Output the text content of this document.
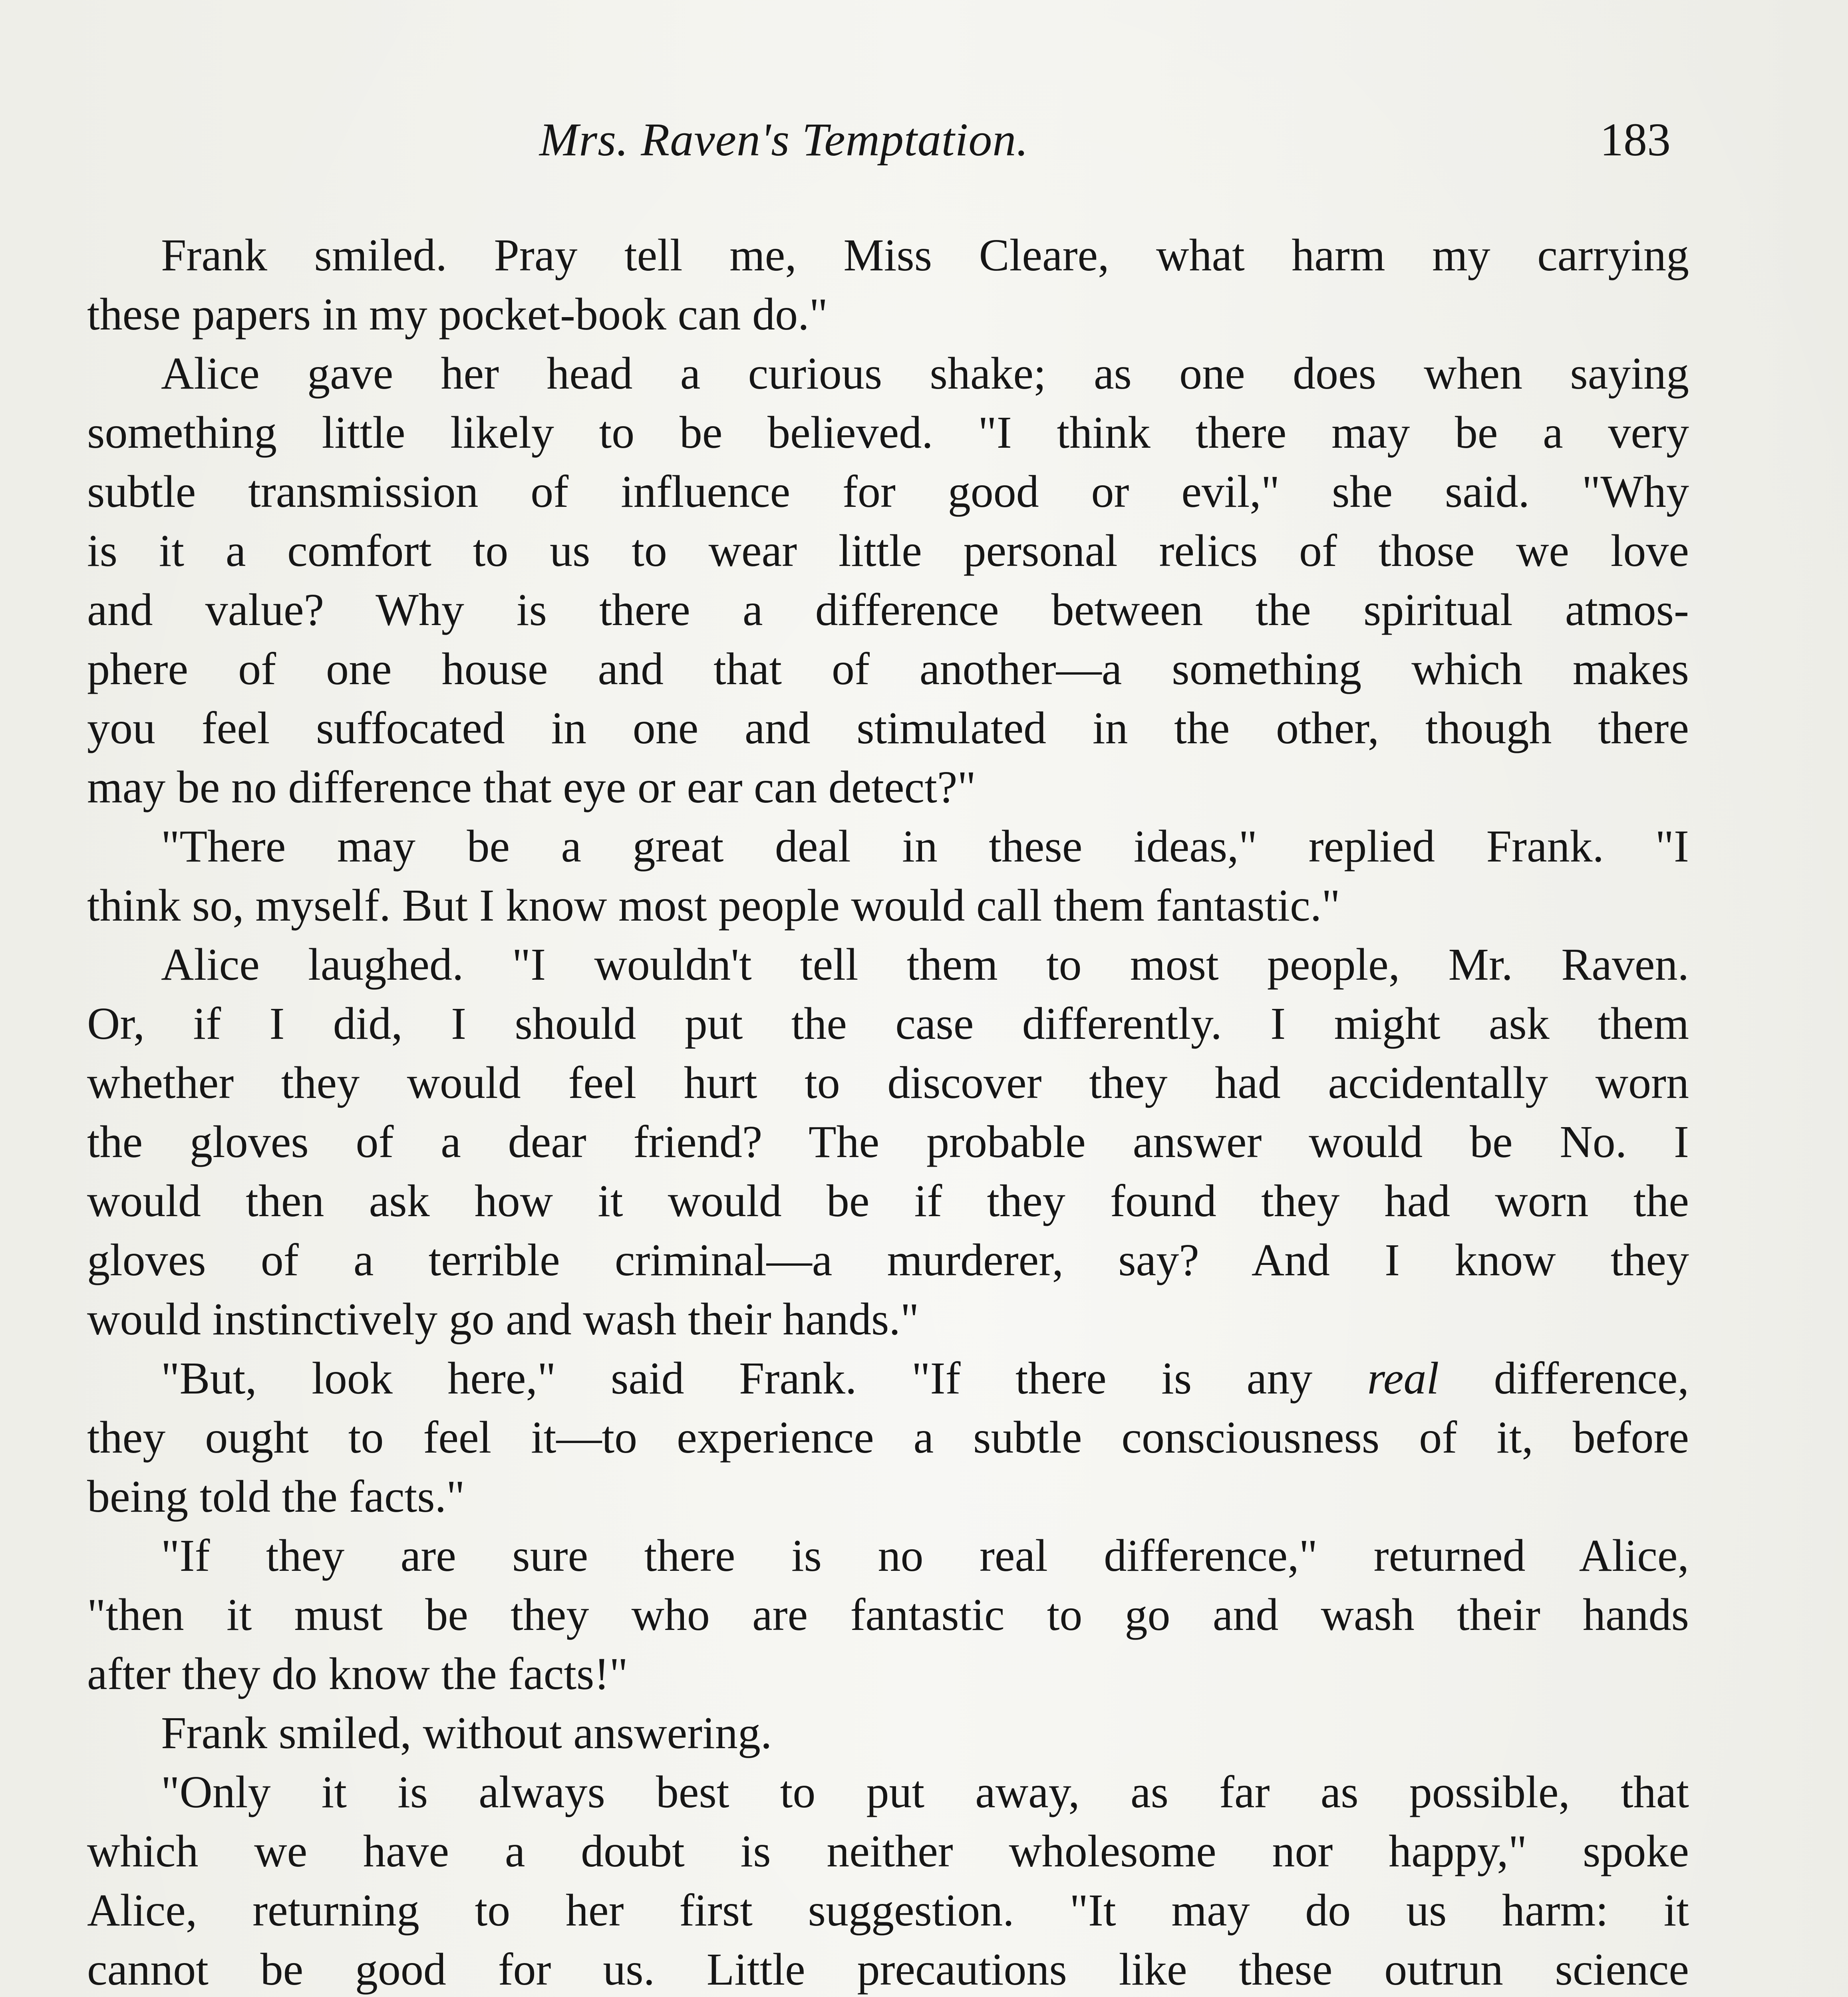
Mrs. Raven's Temptation.	183
Frank smiled. Pray tell me, Miss Cleare, what harm my carrying
these papers in my pocket-book can do."
Alice gave her head a curious shake; as one does when saying
something little likely to be believed. "I think there may be a very
subtle transmission of influence for good or evil," she said. "Why
is it a comfort to us to wear little personal relics of those we love
and value? Why is there a difference between the spiritual atmos-
phere of one house and that of another—a something which makes
you feel suffocated in one and stimulated in the other, though there
may be no difference that eye or ear can detect?"
"There may be a great deal in these ideas," replied Frank. "I
think so, myself. But I know most people would call them fantastic."
Alice laughed. "I wouldn't tell them to most people, Mr. Raven.
Or, if I did, I should put the case differently. I might ask them
whether they would feel hurt to discover they had accidentally worn
the gloves of a dear friend? The probable answer would be No. I
would then ask how it would be if they found they had worn the
gloves of a terrible criminal—a murderer, say? And I know they
would instinctively go and wash their hands."
"But, look here," said Frank. "If there is any real difference,
they ought to feel it—to experience a subtle consciousness of it, before
being told the facts."
"If they are sure there is no real difference," returned Alice,
"then it must be they who are fantastic to go and wash their hands
after they do know the facts!"
Frank smiled, without answering.
"Only it is always best to put away, as far as possible, that
which we have a doubt is neither wholesome nor happy," spoke
Alice, returning to her first suggestion. "It may do us harm: it
cannot be good for us. Little precautions like these outrun science
